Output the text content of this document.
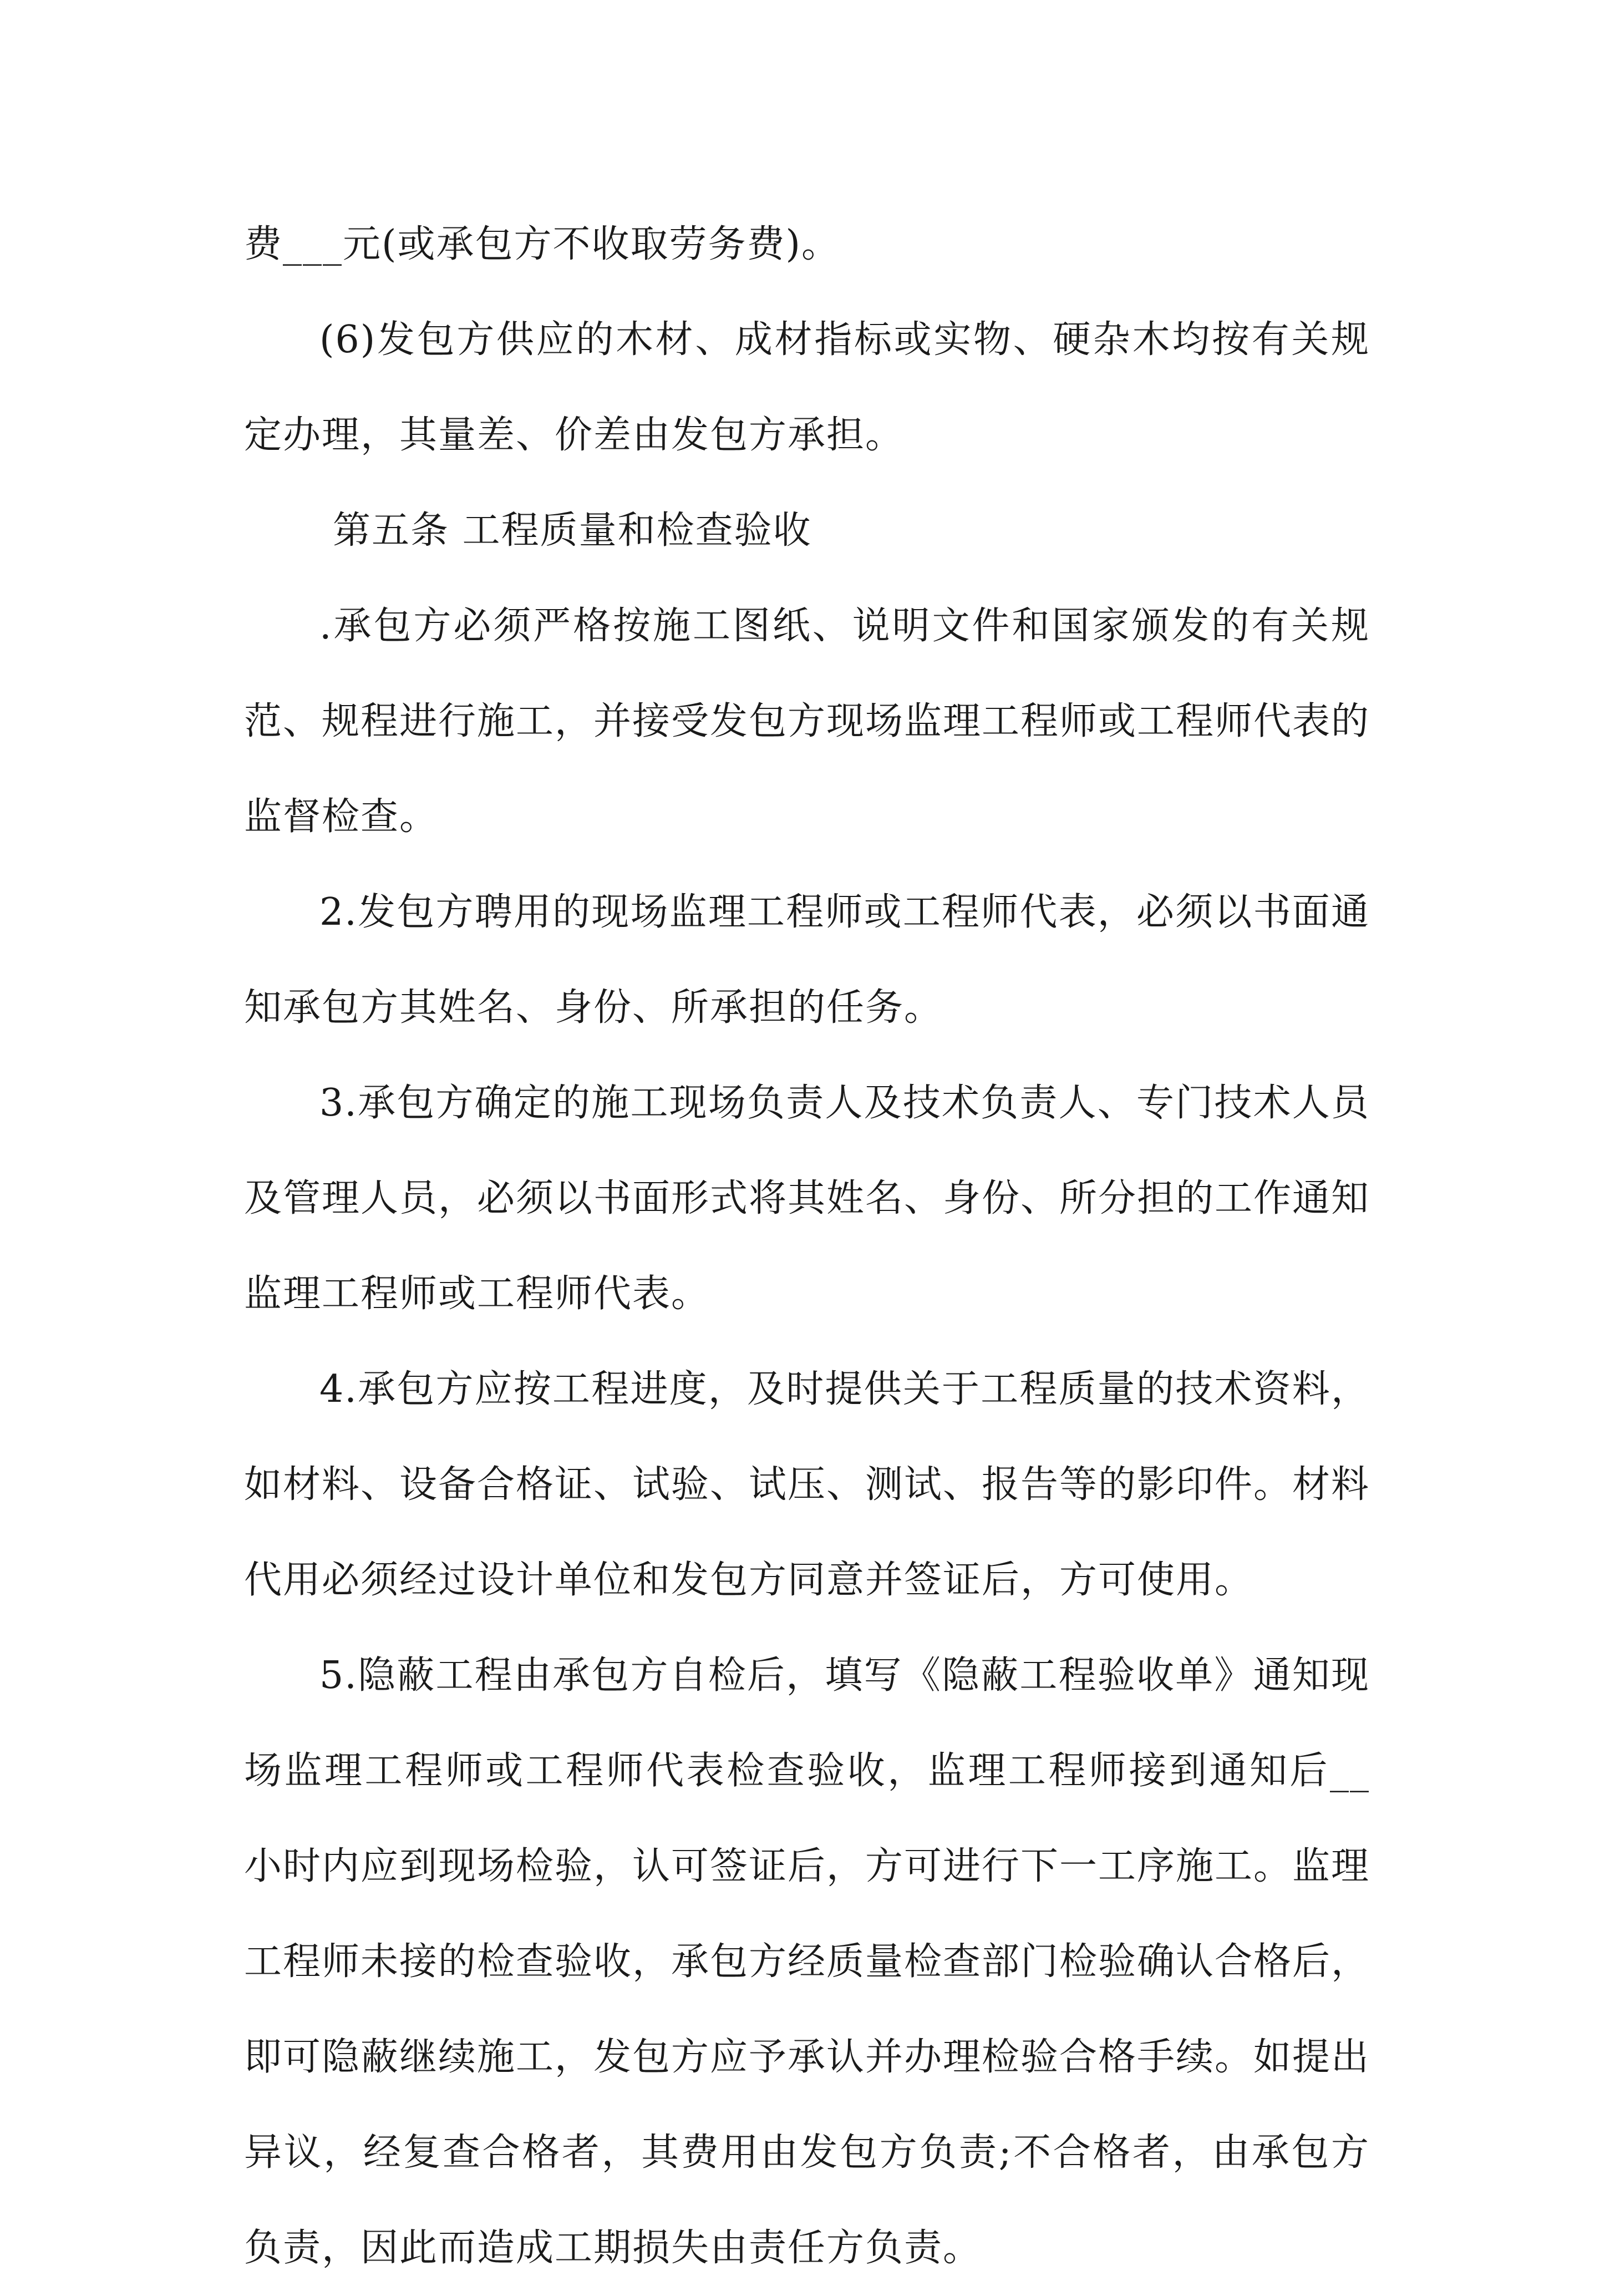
费___元(或承包方不收取劳务费)。

(6)发包方供应的木材、成材指标或实物、硬杂木均按有关规定办理，其量差、价差由发包方承担。

第五条 工程质量和检查验收

.承包方必须严格按施工图纸、说明文件和国家颁发的有关规范、规程进行施工，并接受发包方现场监理工程师或工程师代表的监督检查。

2.发包方聘用的现场监理工程师或工程师代表，必须以书面通知承包方其姓名、身份、所承担的任务。

3.承包方确定的施工现场负责人及技术负责人、专门技术人员及管理人员，必须以书面形式将其姓名、身份、所分担的工作通知监理工程师或工程师代表。

4.承包方应按工程进度，及时提供关于工程质量的技术资料，如材料、设备合格证、试验、试压、测试、报告等的影印件。材料代用必须经过设计单位和发包方同意并签证后，方可使用。

5.隐蔽工程由承包方自检后，填写《隐蔽工程验收单》通知现场监理工程师或工程师代表检查验收，监理工程师接到通知后__小时内应到现场检验，认可签证后，方可进行下一工序施工。监理工程师未接的检查验收，承包方经质量检查部门检验确认合格后，即可隐蔽继续施工，发包方应予承认并办理检验合格手续。如提出异议，经复查合格者，其费用由发包方负责;不合格者，由承包方负责，因此而造成工期损失由责任方负责。
